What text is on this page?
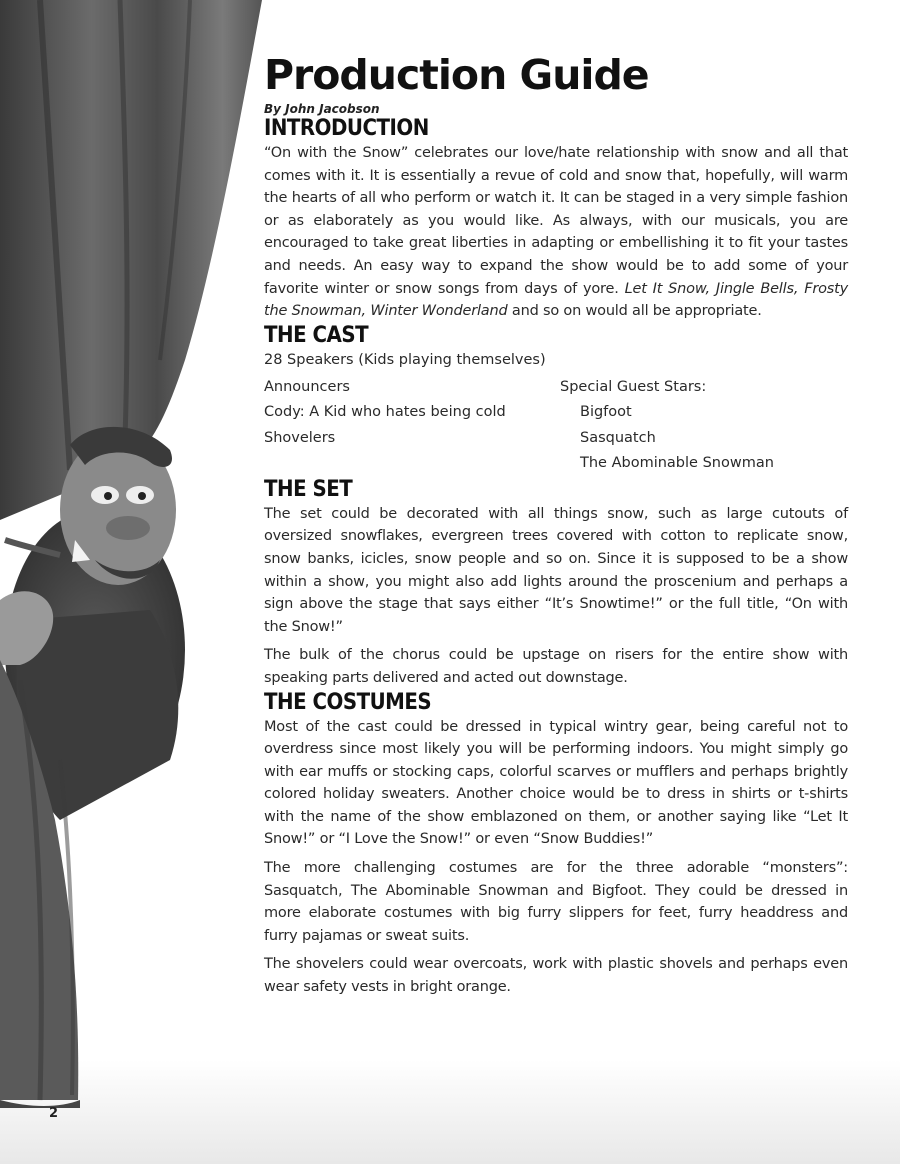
Production Guide
By John Jacobson
INTRODUCTION

“On with the Snow” celebrates our love/hate relationship with snow and all that comes with it. It is essentially a revue of cold and snow that, hopefully, will warm the hearts of all who perform or watch it. It can be staged in a very simple fashion or as elaborately as you would like. As always, with our musicals, you are encouraged to take great liberties in adapting or embellishing it to fit your tastes and needs. An easy way to expand the show would be to add some of your favorite winter or snow songs from days of yore. Let It Snow, Jingle Bells, Frosty the Snowman, Winter Wonderland and so on would all be appropriate.

THE CAST

28 Speakers (Kids playing themselves)

Announcers
Cody: A Kid who hates being cold
Shovelers
Special Guest Stars:
Bigfoot
Sasquatch
The Abominable Snowman
THE SET

The set could be decorated with all things snow, such as large cutouts of oversized snowflakes, evergreen trees covered with cotton to replicate snow, snow banks, icicles, snow people and so on. Since it is supposed to be a show within a show, you might also add lights around the proscenium and perhaps a sign above the stage that says either “It’s Snowtime!” or the full title, “On with the Snow!”

The bulk of the chorus could be upstage on risers for the entire show with speaking parts delivered and acted out downstage.

THE COSTUMES

Most of the cast could be dressed in typical wintry gear, being careful not to overdress since most likely you will be performing indoors. You might simply go with ear muffs or stocking caps, colorful scarves or mufflers and perhaps brightly colored holiday sweaters. Another choice would be to dress in shirts or t-shirts with the name of the show emblazoned on them, or another saying like “Let It Snow!” or “I Love the Snow!” or even “Snow Buddies!”

The more challenging costumes are for the three adorable “monsters”: Sasquatch, The Abominable Snowman and Bigfoot. They could be dressed in more elaborate costumes with big furry slippers for feet, furry headdress and furry pajamas or sweat suits.

The shovelers could wear overcoats, work with plastic shovels and perhaps even wear safety vests in bright orange.

2
